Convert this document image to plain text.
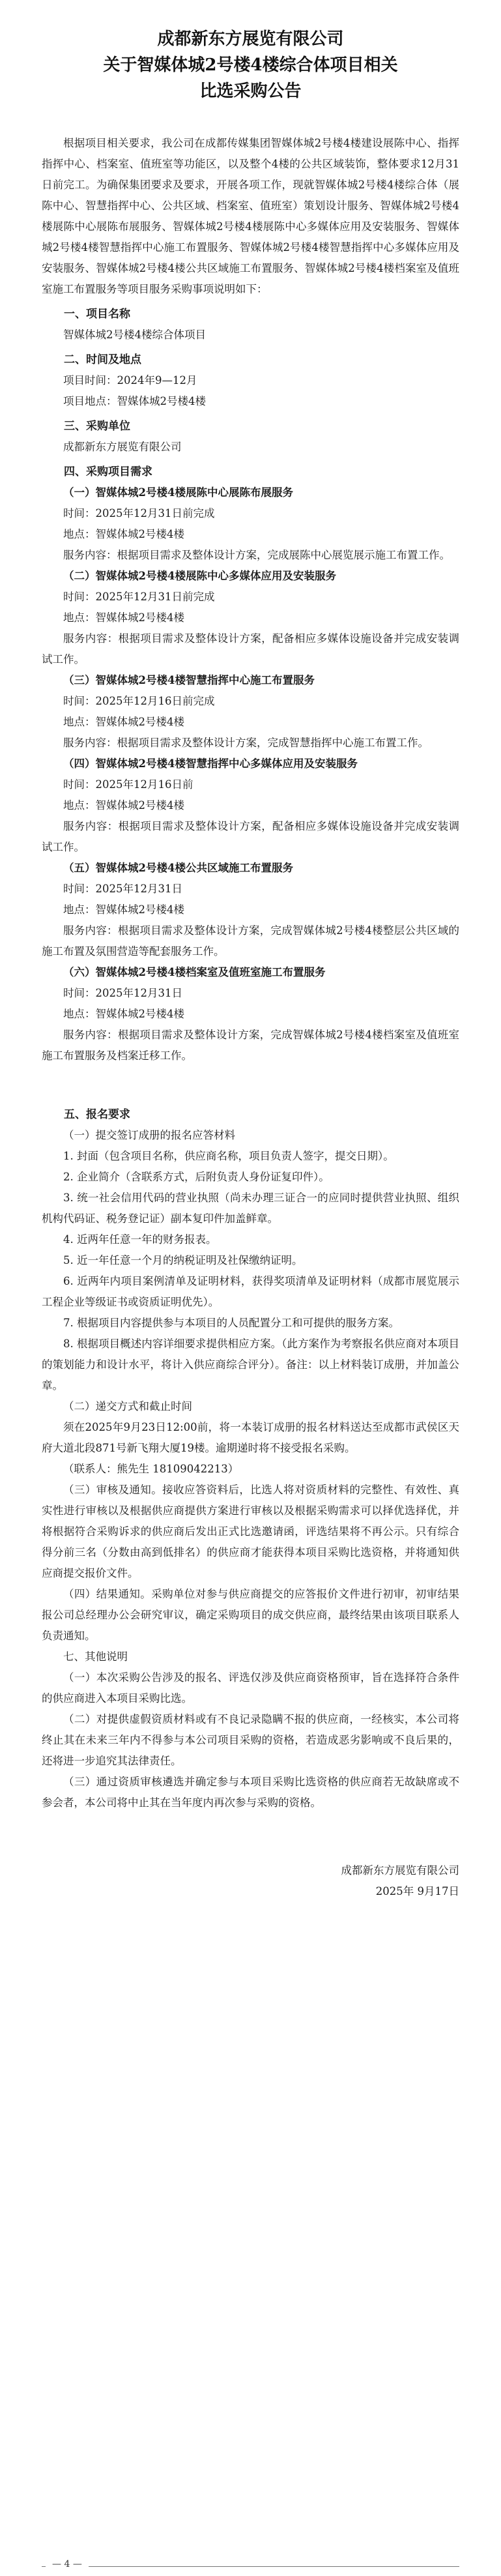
成都新东方展览有限公司
关于智媒体城2号楼4楼综合体项目相关
比选采购公告

根据项目相关要求，我公司在成都传媒集团智媒体城2号楼4楼建设展陈中心、指挥指挥中心、档案室、值班室等功能区，以及整个4楼的公共区域装饰，整体要求12月31日前完工。为确保集团要求及要求，开展各项工作，现就智媒体城2号楼4楼综合体（展陈中心、智慧指挥中心、公共区域、档案室、值班室）策划设计服务、智媒体城2号楼4楼展陈中心展陈布展服务、智媒体城2号楼4楼展陈中心多媒体应用及安装服务、智媒体城2号楼4楼智慧指挥中心施工布置服务、智媒体城2号楼4楼智慧指挥中心多媒体应用及安装服务、智媒体城2号楼4楼公共区域施工布置服务、智媒体城2号楼4楼档案室及值班室施工布置服务等项目服务采购事项说明如下：

一、项目名称

智媒体城2号楼4楼综合体项目

二、时间及地点

项目时间：2024年9—12月

项目地点：智媒体城2号楼4楼

三、采购单位

成都新东方展览有限公司

四、采购项目需求
（一）智媒体城2号楼4楼展陈中心展陈布展服务

时间：2025年12月31日前完成

地点：智媒体城2号楼4楼

服务内容：根据项目需求及整体设计方案，完成展陈中心展览展示施工布置工作。

（二）智媒体城2号楼4楼展陈中心多媒体应用及安装服务

时间：2025年12月31日前完成

地点：智媒体城2号楼4楼

服务内容：根据项目需求及整体设计方案，配备相应多媒体设施设备并完成安装调试工作。

（三）智媒体城2号楼4楼智慧指挥中心施工布置服务

时间：2025年12月16日前完成

地点：智媒体城2号楼4楼

服务内容：根据项目需求及整体设计方案，完成智慧指挥中心施工布置工作。

（四）智媒体城2号楼4楼智慧指挥中心多媒体应用及安装服务

时间：2025年12月16日前

地点：智媒体城2号楼4楼

服务内容：根据项目需求及整体设计方案，配备相应多媒体设施设备并完成安装调试工作。

（五）智媒体城2号楼4楼公共区域施工布置服务

时间：2025年12月31日

地点：智媒体城2号楼4楼

服务内容：根据项目需求及整体设计方案，完成智媒体城2号楼4楼整层公共区域的施工布置及氛围营造等配套服务工作。

（六）智媒体城2号楼4楼档案室及值班室施工布置服务

时间：2025年12月31日

地点：智媒体城2号楼4楼

服务内容：根据项目需求及整体设计方案，完成智媒体城2号楼4楼档案室及值班室施工布置服务及档案迁移工作。

五、报名要求

（一）提交签订成册的报名应答材料

1. 封面（包含项目名称，供应商名称，项目负责人签字，提交日期）。

2. 企业简介（含联系方式，后附负责人身份证复印件）。

3. 统一社会信用代码的营业执照（尚未办理三证合一的应同时提供营业执照、组织机构代码证、税务登记证）副本复印件加盖鲜章。

4. 近两年任意一年的财务报表。

5. 近一年任意一个月的纳税证明及社保缴纳证明。

6. 近两年内项目案例清单及证明材料，获得奖项清单及证明材料（成都市展览展示工程企业等级证书或资质证明优先）。

7. 根据项目内容提供参与本项目的人员配置分工和可提供的服务方案。

8. 根据项目概述内容详细要求提供相应方案。（此方案作为考察报名供应商对本项目的策划能力和设计水平，将计入供应商综合评分）。备注：以上材料装订成册，并加盖公章。

（二）递交方式和截止时间

须在2025年9月23日12:00前，将一本装订成册的报名材料送达至成都市武侯区天府大道北段871号新飞翔大厦19楼。逾期递时将不接受报名采购。

（联系人：熊先生 18109042213）

（三）审核及通知。接收应答资料后，比选人将对资质材料的完整性、有效性、真实性进行审核以及根据供应商提供方案进行审核以及根据采购需求可以择优选择优，并将根据符合采购诉求的供应商后发出正式比选邀请函，评选结果将不再公示。只有综合得分前三名（分数由高到低排名）的供应商才能获得本项目采购比选资格，并将通知供应商提交报价文件。

（四）结果通知。采购单位对参与供应商提交的应答报价文件进行初审，初审结果报公司总经理办公会研究审议，确定采购项目的成交供应商，最终结果由该项目联系人负责通知。

七、其他说明

（一）本次采购公告涉及的报名、评选仅涉及供应商资格预审，旨在选择符合条件的供应商进入本项目采购比选。

（二）对提供虚假资质材料或有不良记录隐瞒不报的供应商，一经核实，本公司将终止其在未来三年内不得参与本公司项目采购的资格，若造成恶劣影响或不良后果的，还将进一步追究其法律责任。

（三）通过资质审核遴选并确定参与本项目采购比选资格的供应商若无故缺席或不参会者，本公司将中止其在当年度内再次参与采购的资格。

成都新东方展览有限公司
2025年 9月17日
— 4 —
